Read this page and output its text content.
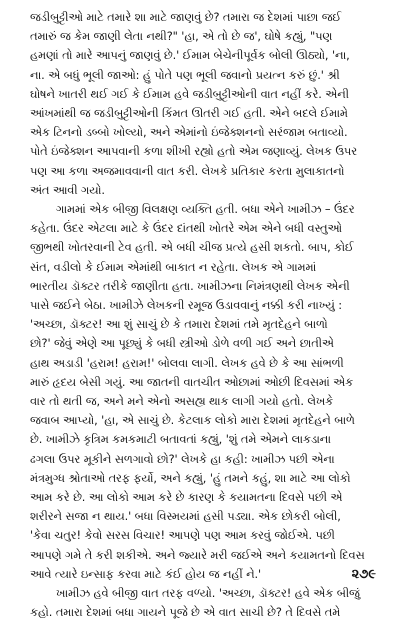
જડીબુટ્ટીઓ માટે તમારે શા માટે જાણવું છે? તમારા જ દેશમાં પાછા જઈ
તમારું જ કેમ જાણી લેતા નથી?" 'હા, એ તો છે જ', ઘોષે કહ્યું, "પણ
હમણાં તો મારે આપનું જાણવું છે.' ઈમામ બેચેનીપૂર્વક બોલી ઊઠ્યો, 'ના,
ના. એ બધું ભૂલી જાઓ: હું પોતે પણ ભૂલી જવાનો પ્રયત્ન કરું છું.' શ્રી
ઘોષને ખાતરી થઈ ગઈ કે ઈમામ હવે જડીબુટ્ટીઓની વાત નહીં કરે. એની
આંખમાંથી જ જડીબુટ્ટીઓની કિંમત ઊતરી ગઈ હતી. એને બદલે ઈમામે
એક ટિનનો ડબ્બો ખોલ્યો, અને એમાંનો ઇંજેક્શનનો સરંજામ બતાવ્યો.
પોતે ઇંજેક્શન આપવાની કળા શીખી રહ્યો હતો એમ જણાવ્યું. લેખક ઉપર
પણ આ કળા અજમાવવાની વાત કરી. લેખકે પ્રતિકાર કરતા મુલાકાતનો
અંત આવી ગયો.

ગામમાં એક બીજી વિલક્ષણ વ્યક્તિ હતી. બધા એને ખામીઝ – ઉંદર
કહેતા. ઉંદર એટલા માટે કે ઉંદર દાંતથી ખોતરે એમ એને બધી વસ્તુઓ
જીભથી ખોતરવાની ટેવ હતી. એ બધી ચીજ પ્રત્યે હસી શકતો. બાપ, કોઈ
સંત, વડીલો કે ઈમામ એમાંથી બાકાત ન રહેતા. લેખક એ ગામમાં
ભારતીય ડૉક્ટર તરીકે જાણીતા હતા. ખામીઝના નિમંત્રણથી લેખક એની
પાસે જઈને બેઠા. ખામીઝે લેખકની રમૂજ ઉડાવવાનું નક્કી કરી નાખ્યું :
'અચ્છા, ડૉક્ટર! આ શું સાચું છે કે તમારા દેશમાં તમે મૃતદેહને બાળો
છો?' જેવું એણે આ પૂછ્યું કે બધી સ્ત્રીઓ ડોળે વળી ગઈ અને છાતીએ
હાથ અડાડી 'હરામ! હરામ!' બોલવા લાગી. લેખક હવે છે કે આ સાંભળી
મારું હૃદય બેસી ગયું. આ જાતની વાતચીત ઓછામાં ઓછી દિવસમાં એક
વાર તો થતી જ, અને મને એનો અસહ્ય થાક લાગી ગયો હતો. લેખકે
જવાબ આપ્યો, 'હા, એ સાચું છે. કેટલાક લોકો મારા દેશમાં મૃતદેહને બાળે
છે. ખામીઝે કૃત્રિમ કમકમાટી બતાવતાં કહ્યું, 'શું તમે એમને લાકડાના
ઢગલા ઉપર મૂકીને સળગાવો છો?' લેખકે હા કહી: ખામીઝ પછી એના
મંત્રમુગ્ધ શ્રોતાઓ તરફ ફર્યો, અને કહ્યું, 'હું તમને કહું, શા માટે આ લોકો
આમ કરે છે. આ લોકો આમ કરે છે કારણ કે કયામતના દિવસે પછી એ
શરીરને સજા ન થાય.' બધા વિસ્મયમાં હસી પડ્યા. એક છોકરી બોલી,
'કેવા ચતુર! કેવો સરસ વિચાર! આપણે પણ આમ કરવું જોઈએ. પછી
આપણે ગમે તે કરી શકીએ. અને જ્યારે મરી જઈએ અને કયામતનો દિવસ
આવે ત્યારે ઇન્સાફ કરવા માટે કંઈ હોય જ નહીં ને.'

ખામીઝ હવે બીજી વાત તરફ વળ્યો. 'અચ્છા, ડૉક્ટર! હવે એક બીજું
કહો. તમારા દેશમાં બધા ગાયને પૂજે છે એ વાત સાચી છે? તે દિવસે તમે

૨૭૯
